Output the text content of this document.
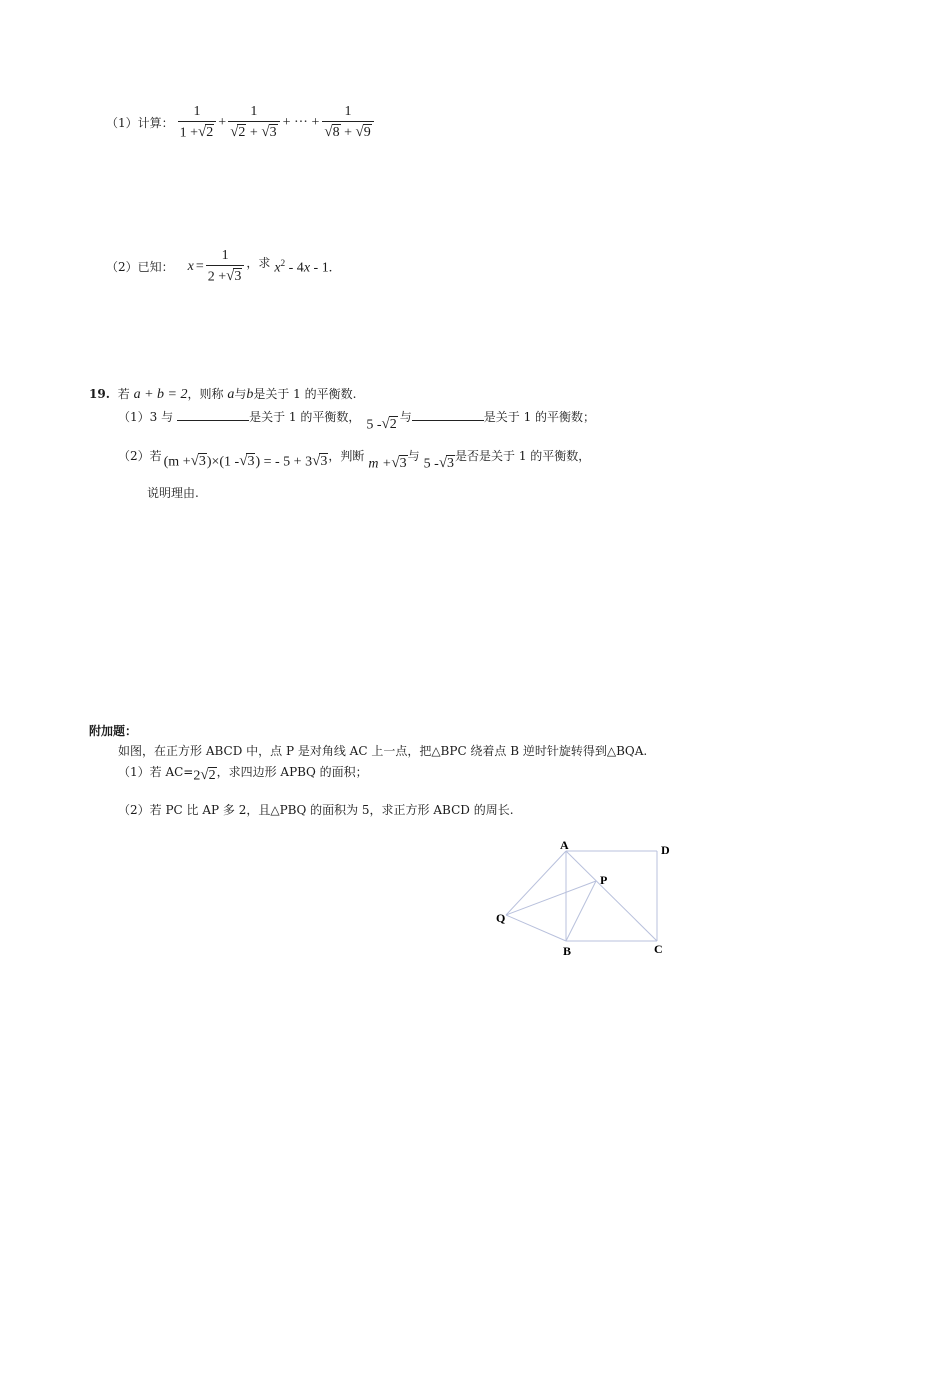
（1）计算： $\frac{1}{1 + √ 2} + \frac{1}{√ 2 + √ 3}$ + ··· + $\frac{1}{√ 8 + √ 9}$
（2）已知： $x = \frac{1}{2 + √ 3}$ ，求 $x^2 - 4x - 1$.
19. 若 a + b = 2，则称 a与b是关于 1 的平衡数.
（1）3 与	是关于 1 的平衡数，
5 - √ 2 与	是关于 1 的平衡数；
（2）若 (m + √ 3 )×(1 - √ 3 ) = - 5 + 3 √ 3 ，判断
m + √ 3 与
5 - √ 3 是否是关于 1 的平衡数，
说明理由.
附加题：
如图，在正方形 ABCD 中，点 P 是对角线 AC 上一点，把△BPC 绕着点 B 逆时针旋转得到△BQA.
（1）若 AC= 2 √ 2 ，求四边形 APBQ 的面积；
（2）若 PC 比 AP 多 2，且△PBQ 的面积为 5，求正方形 ABCD 的周长.
A	D
P
Q
B	C
